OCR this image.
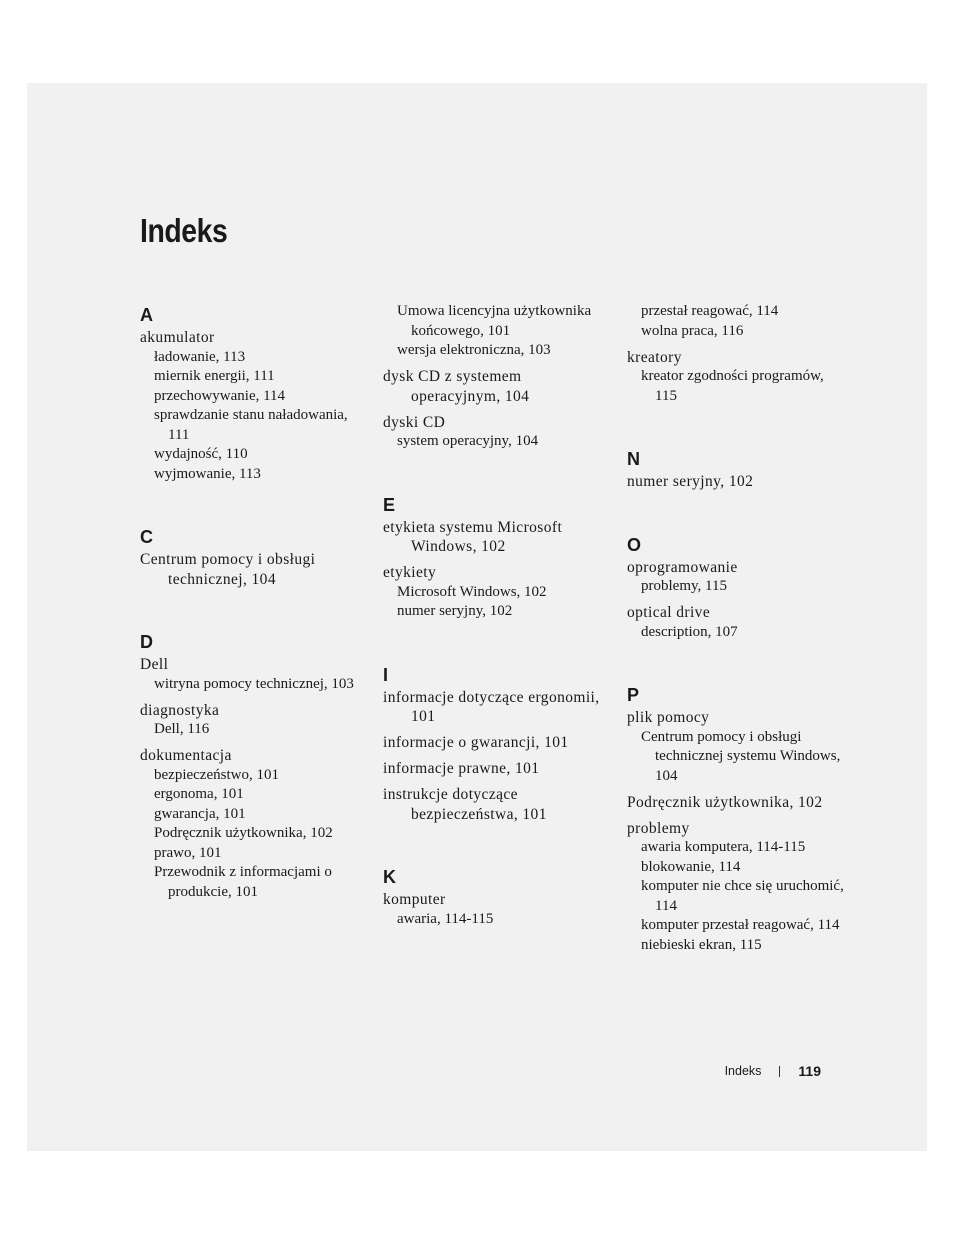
Indeks
A
akumulator
ładowanie, 113
miernik energii, 111
przechowywanie, 114
sprawdzanie stanu naładowania, 111
wydajność, 110
wyjmowanie, 113
C
Centrum pomocy i obsługi technicznej, 104
D
Dell
witryna pomocy technicznej, 103
diagnostyka
Dell, 116
dokumentacja
bezpieczeństwo, 101
ergonoma, 101
gwarancja, 101
Podręcznik użytkownika, 102
prawo, 101
Przewodnik z informacjami o produkcie, 101
Umowa licencyjna użytkownika końcowego, 101
wersja elektroniczna, 103
dysk CD z systemem operacyjnym, 104
dyski CD
system operacyjny, 104
E
etykieta systemu Microsoft Windows, 102
etykiety
Microsoft Windows, 102
numer seryjny, 102
I
informacje dotyczące ergonomii, 101
informacje o gwarancji, 101
informacje prawne, 101
instrukcje dotyczące bezpieczeństwa, 101
K
komputer
awaria, 114-115
przestał reagować, 114
wolna praca, 116
kreatory
kreator zgodności programów, 115
N
numer seryjny, 102
O
oprogramowanie
problemy, 115
optical drive
description, 107
P
plik pomocy
Centrum pomocy i obsługi technicznej systemu Windows, 104
Podręcznik użytkownika, 102
problemy
awaria komputera, 114-115
blokowanie, 114
komputer nie chce się uruchomić, 114
komputer przestał reagować, 114
niebieski ekran, 115
Indeks	119
